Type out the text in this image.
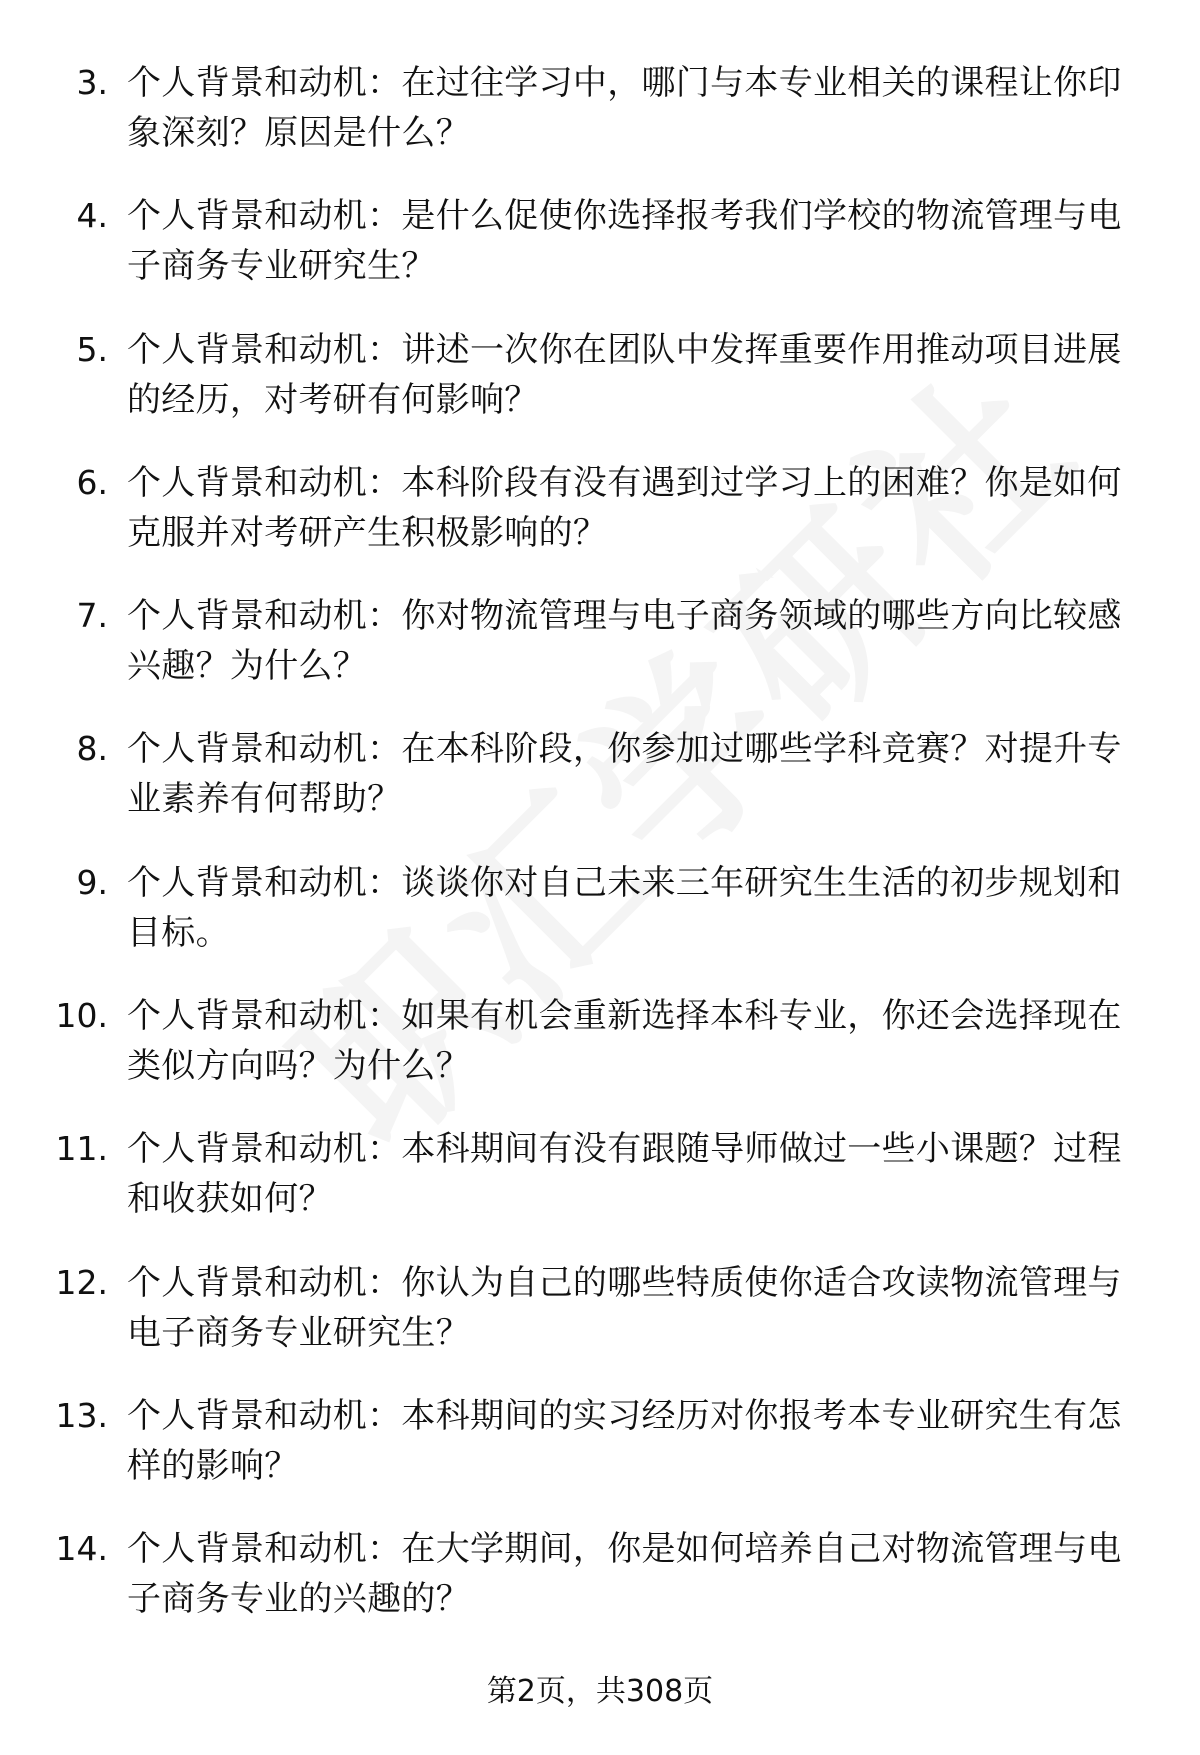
3. 个人背景和动机：在过往学习中，哪门与本专业相关的课程让你印象深刻？原因是什么？
4. 个人背景和动机：是什么促使你选择报考我们学校的物流管理与电子商务专业研究生？
5. 个人背景和动机：讲述一次你在团队中发挥重要作用推动项目进展的经历，对考研有何影响？
6. 个人背景和动机：本科阶段有没有遇到过学习上的困难？你是如何克服并对考研产生积极影响的？
7. 个人背景和动机：你对物流管理与电子商务领域的哪些方向比较感兴趣？为什么？
8. 个人背景和动机：在本科阶段，你参加过哪些学科竞赛？对提升专业素养有何帮助？
9. 个人背景和动机：谈谈你对自己未来三年研究生生活的初步规划和目标。
10. 个人背景和动机：如果有机会重新选择本科专业，你还会选择现在类似方向吗？为什么？
11. 个人背景和动机：本科期间有没有跟随导师做过一些小课题？过程和收获如何？
12. 个人背景和动机：你认为自己的哪些特质使你适合攻读物流管理与电子商务专业研究生？
13. 个人背景和动机：本科期间的实习经历对你报考本专业研究生有怎样的影响？
14. 个人背景和动机：在大学期间，你是如何培养自己对物流管理与电子商务专业的兴趣的？
第2页，共308页
